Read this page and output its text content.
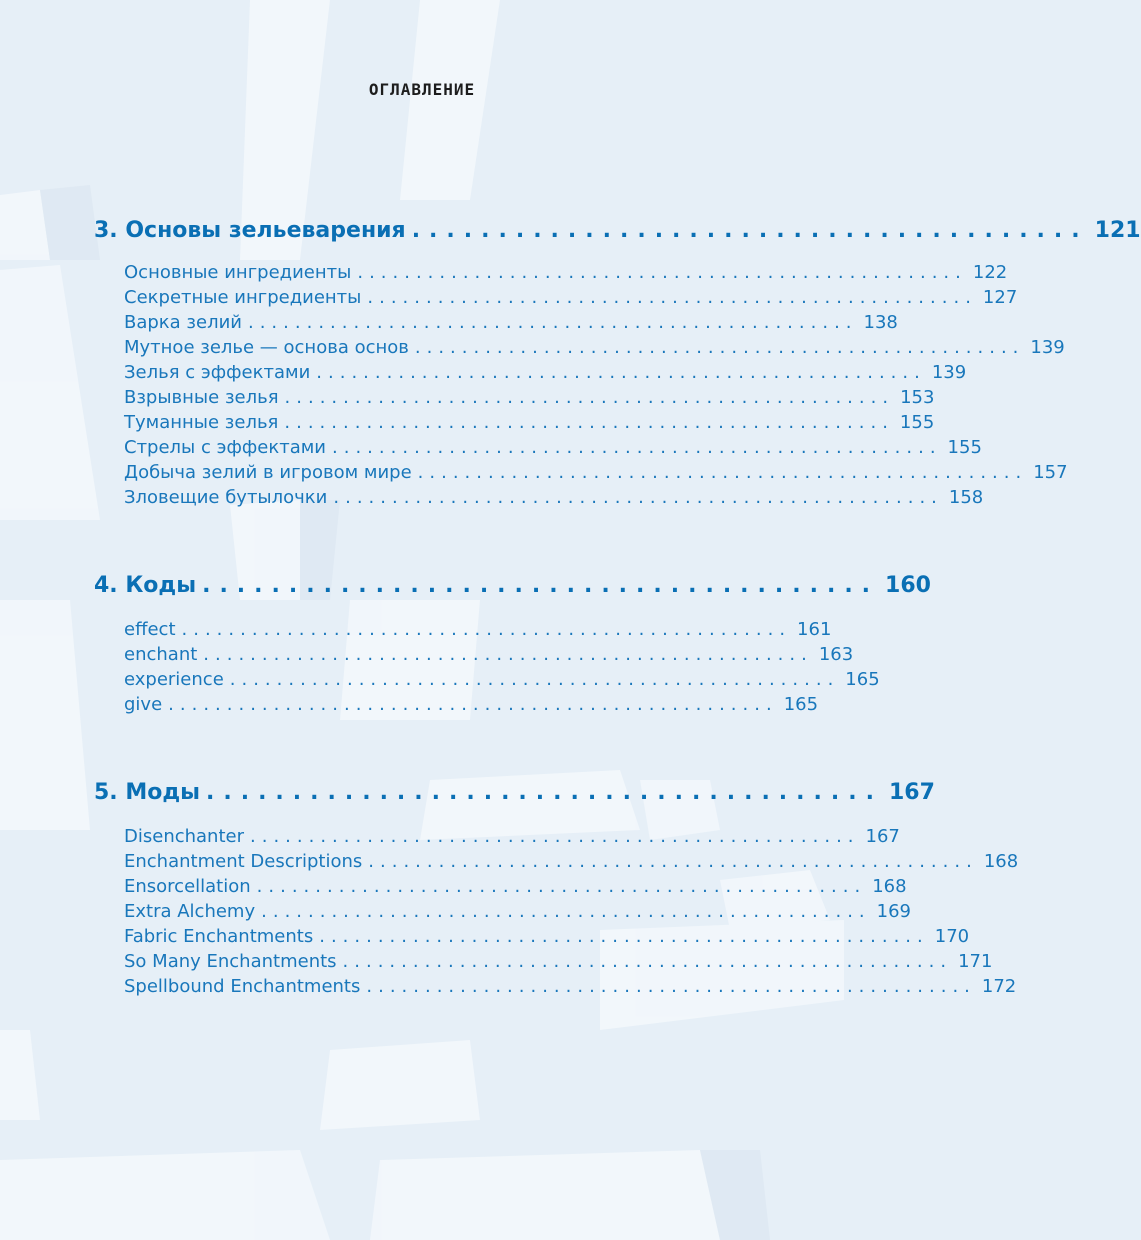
ОГЛАВЛЕНИЕ
3. Основы зельеварения ....................................... 121
Основные ингредиенты .................................................... 122
Секретные ингредиенты .................................................... 127
Варка зелий .................................................... 138
Мутное зелье — основа основ .................................................... 139
Зелья с эффектами .................................................... 139
Взрывные зелья .................................................... 153
Туманные зелья .................................................... 155
Стрелы с эффектами .................................................... 155
Добыча зелий в игровом мире .................................................... 157
Зловещие бутылочки .................................................... 158
4. Коды ....................................... 160
effect .................................................... 161
enchant .................................................... 163
experience .................................................... 165
give .................................................... 165
5. Моды ....................................... 167
Disenchanter .................................................... 167
Enchantment Descriptions .................................................... 168
Ensorcellation .................................................... 168
Extra Alchemy .................................................... 169
Fabric Enchantments .................................................... 170
So Many Enchantments .................................................... 171
Spellbound Enchantments .................................................... 172
